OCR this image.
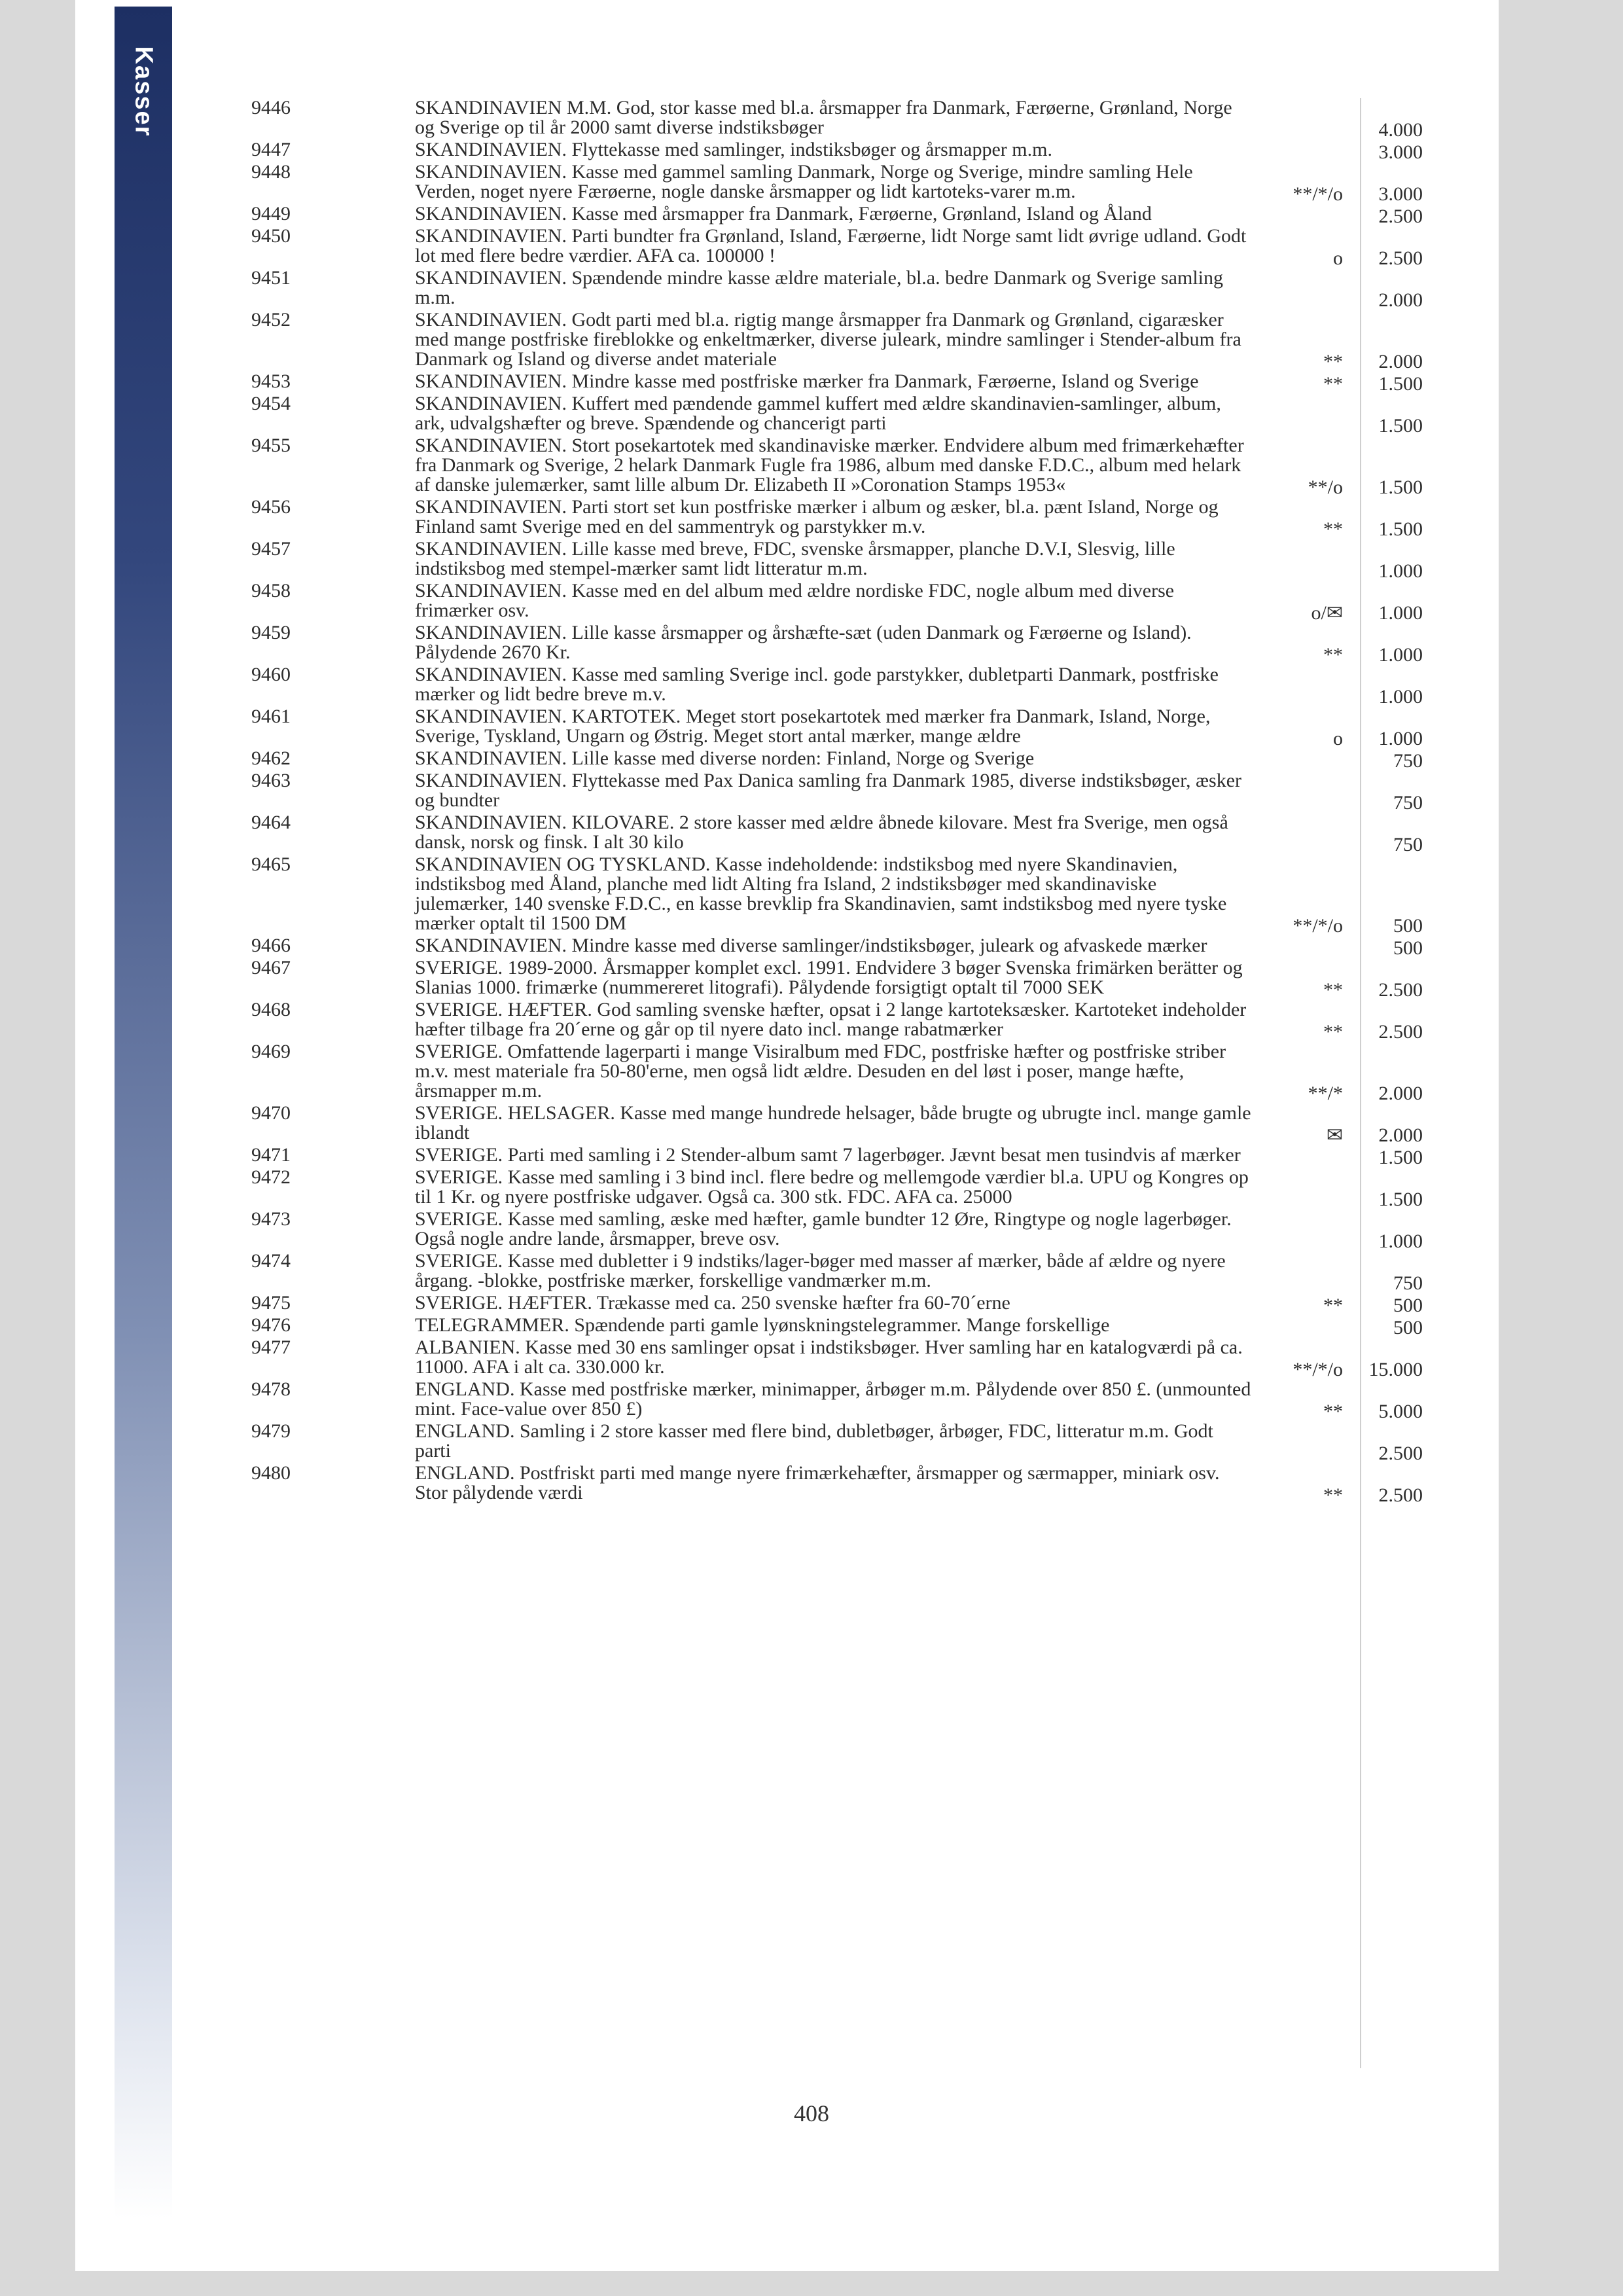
Kasser	9446	SKANDINAVIEN M.M. God, stor kasse med bl.a. årsmapper fra Danmark, Færøerne, Grønland, Norge og Sverige op til år 2000 samt diverse indstiksbøger	4.000
9447	SKANDINAVIEN. Flyttekasse med samlinger, indstiksbøger og årsmapper m.m.	3.000
9448	SKANDINAVIEN. Kasse med gammel samling Danmark, Norge og Sverige, mindre samling Hele Verden, noget nyere Færøerne, nogle danske årsmapper og lidt kartoteks-varer m.m.	**/*/o	3.000
9449	SKANDINAVIEN. Kasse med årsmapper fra Danmark, Færøerne, Grønland, Island og Åland	2.500
9450	SKANDINAVIEN. Parti bundter fra Grønland, Island, Færøerne, lidt Norge samt lidt øvrige udland. Godt lot med flere bedre værdier. AFA ca. 100000 !	o	2.500
9451	SKANDINAVIEN. Spændende mindre kasse ældre materiale, bl.a. bedre Danmark og Sverige samling m.m.	2.000
9452	SKANDINAVIEN. Godt parti med bl.a. rigtig mange årsmapper fra Danmark og Grønland, cigaræsker med mange postfriske fireblokke og enkeltmærker, diverse juleark, mindre samlinger i Stender-album fra Danmark og Island og diverse andet materiale	**	2.000
9453	SKANDINAVIEN. Mindre kasse med postfriske mærker fra Danmark, Færøerne, Island og Sverige	**	1.500
9454	SKANDINAVIEN. Kuffert med pændende gammel kuffert med ældre skandinavien-samlinger, album, ark, udvalgshæfter og breve. Spændende og chancerigt parti	1.500
9455	SKANDINAVIEN. Stort posekartotek med skandinaviske mærker. Endvidere album med frimærkehæfter fra Danmark og Sverige, 2 helark Danmark Fugle fra 1986, album med danske F.D.C., album med helark af danske julemærker, samt lille album Dr. Elizabeth II »Coronation Stamps 1953«	**/o	1.500
9456	SKANDINAVIEN. Parti stort set kun postfriske mærker i album og æsker, bl.a. pænt Island, Norge og Finland samt Sverige med en del sammentryk og parstykker m.v.	**	1.500
9457	SKANDINAVIEN. Lille kasse med breve, FDC, svenske årsmapper, planche D.V.I, Slesvig, lille indstiksbog med stempel-mærker samt lidt litteratur m.m.	1.000
9458	SKANDINAVIEN. Kasse med en del album med ældre nordiske FDC, nogle album med diverse frimærker osv.	o/✉	1.000
9459	SKANDINAVIEN. Lille kasse årsmapper og årshæfte-sæt (uden Danmark og Færøerne og Island). Pålydende 2670 Kr.	**	1.000
9460	SKANDINAVIEN. Kasse med samling Sverige incl. gode parstykker, dubletparti Danmark, postfriske mærker og lidt bedre breve m.v.	1.000
9461	SKANDINAVIEN. KARTOTEK. Meget stort posekartotek med mærker fra Danmark, Island, Norge, Sverige, Tyskland, Ungarn og Østrig. Meget stort antal mærker, mange ældre	o	1.000
9462	SKANDINAVIEN. Lille kasse med diverse norden: Finland, Norge og Sverige	750
9463	SKANDINAVIEN. Flyttekasse med Pax Danica samling fra Danmark 1985, diverse indstiksbøger, æsker og bundter	750
9464	SKANDINAVIEN. KILOVARE. 2 store kasser med ældre åbnede kilovare. Mest fra Sverige, men også dansk, norsk og finsk. I alt 30 kilo	750
9465	SKANDINAVIEN OG TYSKLAND. Kasse indeholdende: indstiksbog med nyere Skandinavien, indstiksbog med Åland, planche med lidt Alting fra Island, 2 indstiksbøger med skandinaviske julemærker, 140 svenske F.D.C., en kasse brevklip fra Skandinavien, samt indstiksbog med nyere tyske mærker optalt til 1500 DM	**/*/o	500
9466	SKANDINAVIEN. Mindre kasse med diverse samlinger/indstiksbøger, juleark og afvaskede mærker	500
9467	SVERIGE. 1989-2000. Årsmapper komplet excl. 1991. Endvidere 3 bøger Svenska frimärken berätter og Slanias 1000. frimærke (nummereret litografi). Pålydende forsigtigt optalt til 7000 SEK	**	2.500
9468	SVERIGE. HÆFTER. God samling svenske hæfter, opsat i 2 lange kartoteksæsker. Kartoteket indeholder hæfter tilbage fra 20´erne og går op til nyere dato incl. mange rabatmærker	**	2.500
9469	SVERIGE. Omfattende lagerparti i mange Visiralbum med FDC, postfriske hæfter og postfriske striber m.v. mest materiale fra 50-80'erne, men også lidt ældre. Desuden en del løst i poser, mange hæfte, årsmapper m.m.	**/*	2.000
9470	SVERIGE. HELSAGER. Kasse med mange hundrede helsager, både brugte og ubrugte incl. mange gamle iblandt	✉	2.000
9471	SVERIGE. Parti med samling i 2 Stender-album samt 7 lagerbøger. Jævnt besat men tusindvis af mærker	1.500
9472	SVERIGE. Kasse med samling i 3 bind incl. flere bedre og mellemgode værdier bl.a. UPU og Kongres op til 1 Kr. og nyere postfriske udgaver. Også ca. 300 stk. FDC. AFA ca. 25000	1.500
9473	SVERIGE. Kasse med samling, æske med hæfter, gamle bundter 12 Øre, Ringtype og nogle lagerbøger. Også nogle andre lande, årsmapper, breve osv.	1.000
9474	SVERIGE. Kasse med dubletter i 9 indstiks/lager-bøger med masser af mærker, både af ældre og nyere årgang. -blokke, postfriske mærker, forskellige vandmærker m.m.	750
9475	SVERIGE. HÆFTER. Trækasse med ca. 250 svenske hæfter fra 60-70´erne	**	500
9476	TELEGRAMMER. Spændende parti gamle lyønskningstelegrammer. Mange forskellige	500
9477	ALBANIEN. Kasse med 30 ens samlinger opsat i indstiksbøger. Hver samling har en katalogværdi på ca. 11000. AFA i alt ca. 330.000 kr.	**/*/o	15.000
9478	ENGLAND. Kasse med postfriske mærker, minimapper, årbøger m.m. Pålydende over 850 £. (unmounted mint. Face-value over 850 £)	**	5.000
9479	ENGLAND. Samling i 2 store kasser med flere bind, dubletbøger, årbøger, FDC, litteratur m.m. Godt parti	2.500
9480	ENGLAND. Postfriskt parti med mange nyere frimærkehæfter, årsmapper og særmapper, miniark osv. Stor pålydende værdi	**	2.500
408
